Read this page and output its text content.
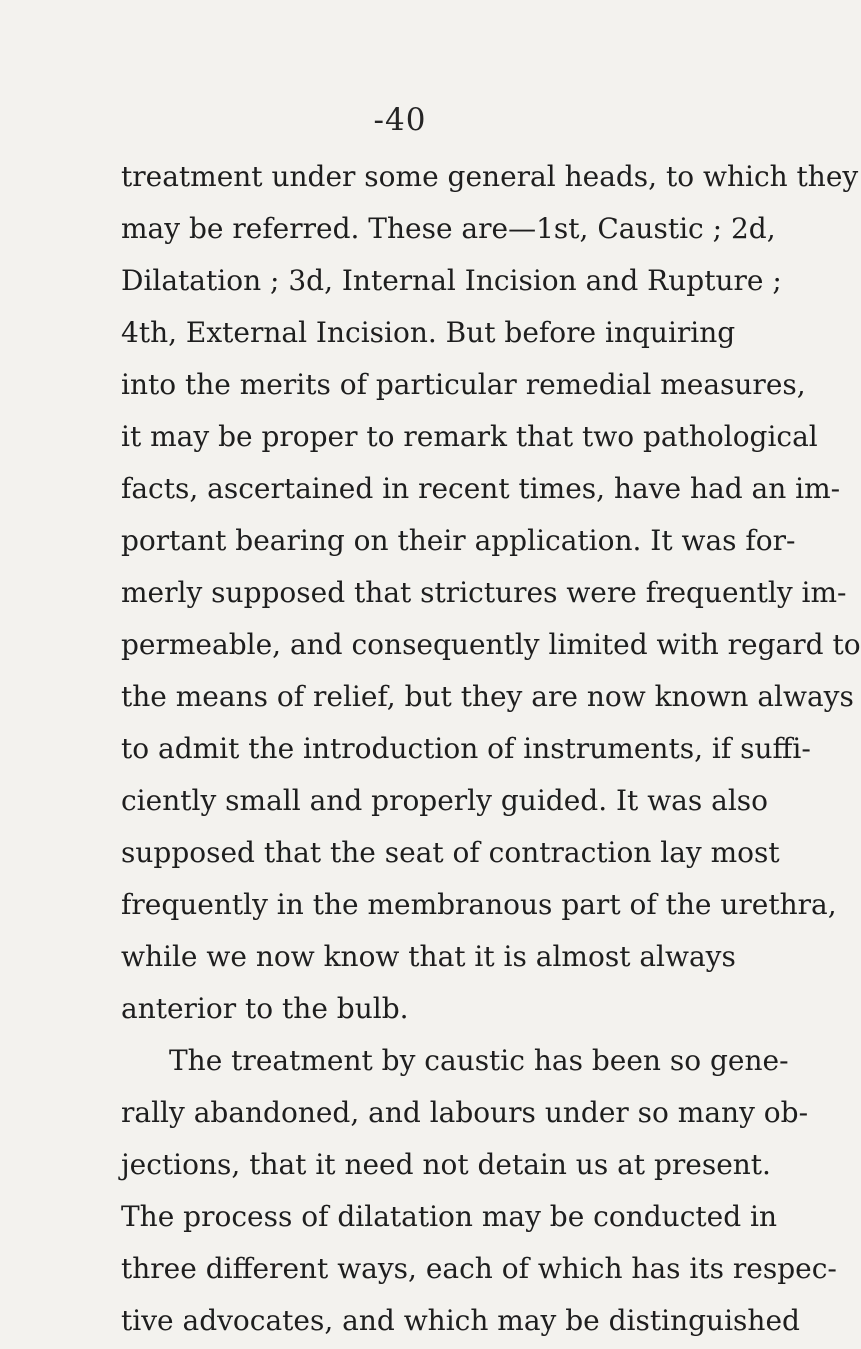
-40
treatment under some general heads, to which they
may be referred. These are—1st, Caustic ; 2d,
Dilatation ; 3d, Internal Incision and Rupture ;
4th, External Incision. But before inquiring
into the merits of particular remedial measures,
it may be proper to remark that two pathological
facts, ascertained in recent times, have had an im-
portant bearing on their application. It was for-
merly supposed that strictures were frequently im-
permeable, and consequently limited with regard to
the means of relief, but they are now known always
to admit the introduction of instruments, if suffi-
ciently small and properly guided. It was also
supposed that the seat of contraction lay most
frequently in the membranous part of the urethra,
while we now know that it is almost always
anterior to the bulb.
The treatment by caustic has been so gene-
rally abandoned, and labours under so many ob-
jections, that it need not detain us at present.
The process of dilatation may be conducted in
three different ways, each of which has its respec-
tive advocates, and which may be distinguished
